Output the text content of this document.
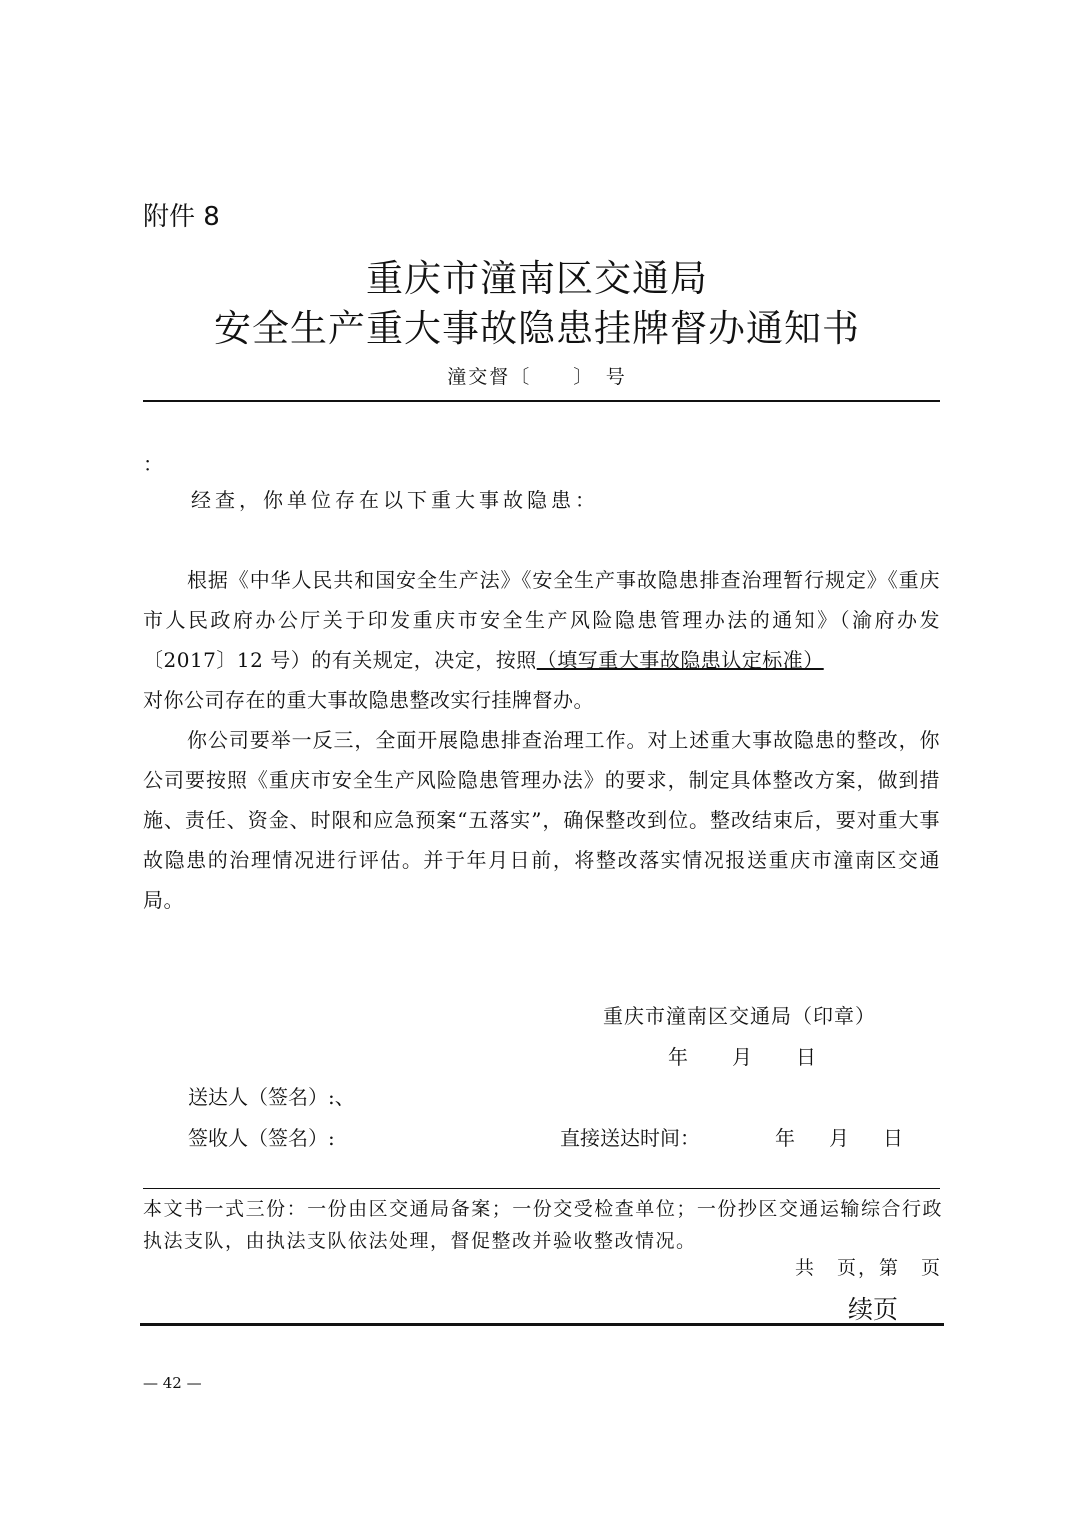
附件 8
重庆市潼南区交通局
安全生产重大事故隐患挂牌督办通知书
潼交督〔　　〕　号
：
经查，你单位存在以下重大事故隐患：
根据《中华人民共和国安全生产法》《安全生产事故隐患排查治理暂行规定》《重庆市人民政府办公厅关于印发重庆市安全生产风险隐患管理办法的通知》（渝府办发〔2017〕12 号）的有关规定，决定，按照（填写重大事故隐患认定标准）
对你公司存在的重大事故隐患整改实行挂牌督办。
你公司要举一反三，全面开展隐患排查治理工作。对上述重大事故隐患的整改，你公司要按照《重庆市安全生产风险隐患管理办法》的要求，制定具体整改方案，做到措施、责任、资金、时限和应急预案“五落实”，确保整改到位。整改结束后，要对重大事故隐患的治理情况进行评估。并于年月日前，将整改落实情况报送重庆市潼南区交通局。
重庆市潼南区交通局（印章）
年 月 日
送达人（签名）:、
签收人（签名）:	直接送达时间：	年 月 日
本文书一式三份：一份由区交通局备案；一份交受检查单位；一份抄区交通运输综合行政执法支队，由执法支队依法处理，督促整改并验收整改情况。
共　页，第　页
续页
— 42 —
